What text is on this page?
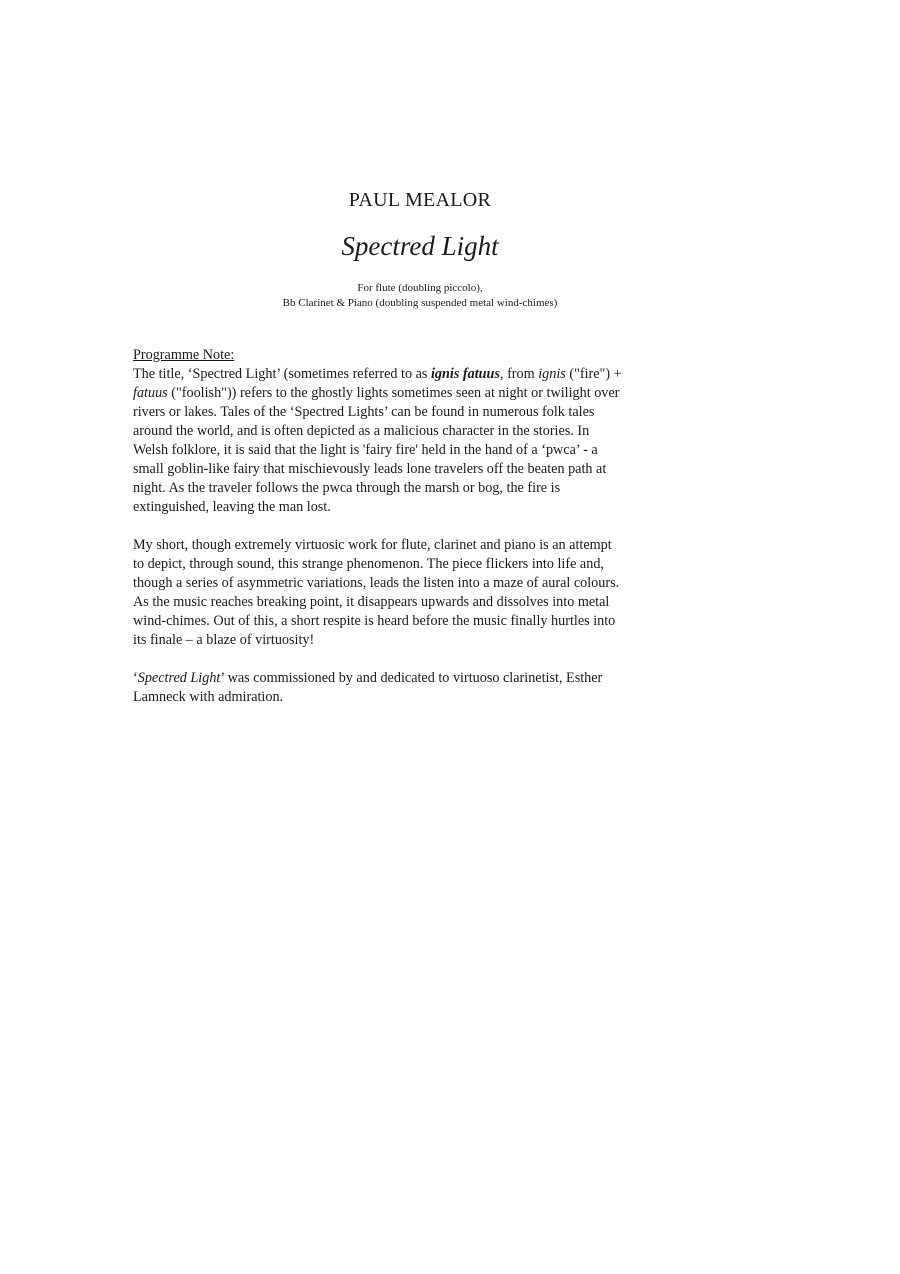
PAUL MEALOR
Spectred Light
For flute (doubling piccolo),
Bb Clarinet & Piano (doubling suspended metal wind-chimes)
Programme Note:
The title, ‘Spectred Light’ (sometimes referred to as ignis fatuus, from ignis ("fire") +
fatuus ("foolish")) refers to the ghostly lights sometimes seen at night or twilight over
rivers or lakes. Tales of the ‘Spectred Lights’ can be found in numerous folk tales
around the world, and is often depicted as a malicious character in the stories. In
Welsh folklore, it is said that the light is 'fairy fire' held in the hand of a ‘pwca’ - a
small goblin-like fairy that mischievously leads lone travelers off the beaten path at
night. As the traveler follows the pwca through the marsh or bog, the fire is
extinguished, leaving the man lost.
My short, though extremely virtuosic work for flute, clarinet and piano is an attempt
to depict, through sound, this strange phenomenon. The piece flickers into life and,
though a series of asymmetric variations, leads the listen into a maze of aural colours.
As the music reaches breaking point, it disappears upwards and dissolves into metal
wind-chimes. Out of this, a short respite is heard before the music finally hurtles into
its finale – a blaze of virtuosity!
‘Spectred Light’ was commissioned by and dedicated to virtuoso clarinetist, Esther
Lamneck with admiration.
